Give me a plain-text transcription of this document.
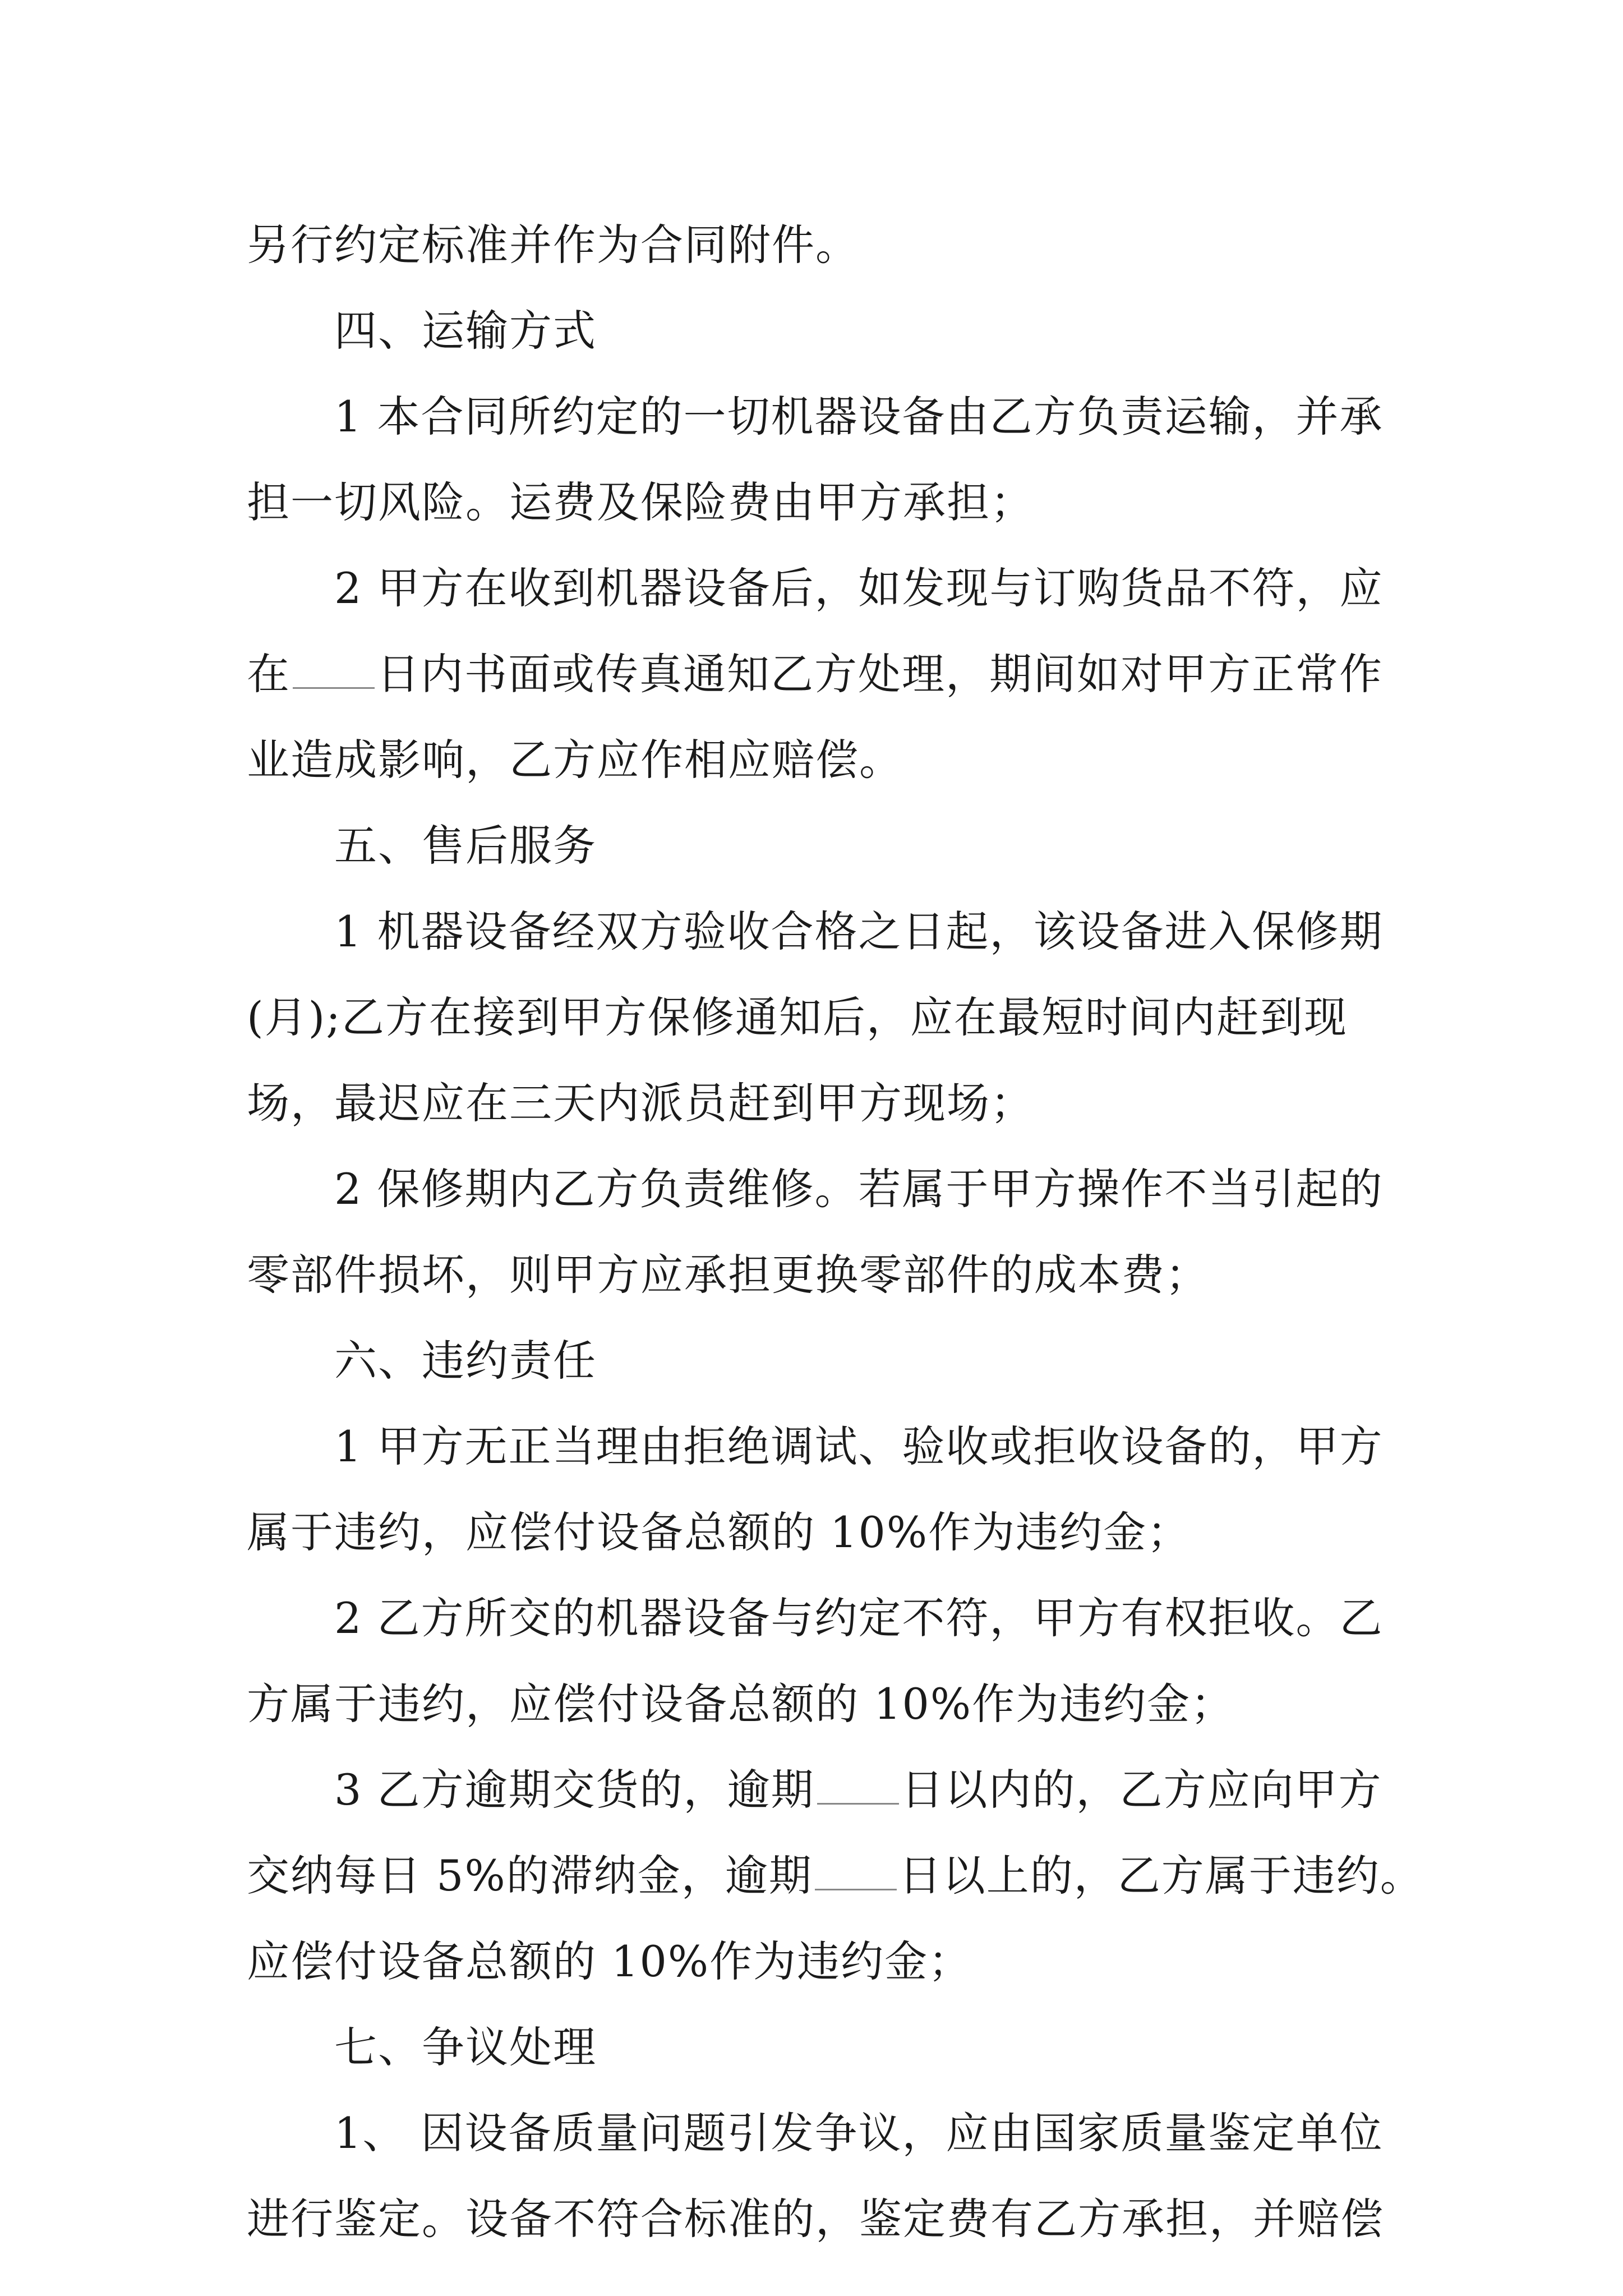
另行约定标准并作为合同附件。
四、运输方式
1 本合同所约定的一切机器设备由乙方负责运输，并承
担一切风险。运费及保险费由甲方承担；
2 甲方在收到机器设备后，如发现与订购货品不符，应
在 日内书面或传真通知乙方处理，期间如对甲方正常作
业造成影响，乙方应作相应赔偿。
五、售后服务
1 机器设备经双方验收合格之日起，该设备进入保修期
(月);乙方在接到甲方保修通知后，应在最短时间内赶到现
场，最迟应在三天内派员赶到甲方现场；
2 保修期内乙方负责维修。若属于甲方操作不当引起的
零部件损坏，则甲方应承担更换零部件的成本费；
六、违约责任
1 甲方无正当理由拒绝调试、验收或拒收设备的，甲方
属于违约，应偿付设备总额的 10%作为违约金；
2 乙方所交的机器设备与约定不符，甲方有权拒收。乙
方属于违约，应偿付设备总额的 10%作为违约金；
3 乙方逾期交货的，逾期 日以内的，乙方应向甲方
交纳每日 5%的滞纳金，逾期 日以上的，乙方属于违约。
应偿付设备总额的 10%作为违约金；
七、争议处理
1、 因设备质量问题引发争议，应由国家质量鉴定单位
进行鉴定。设备不符合标准的，鉴定费有乙方承担，并赔偿
